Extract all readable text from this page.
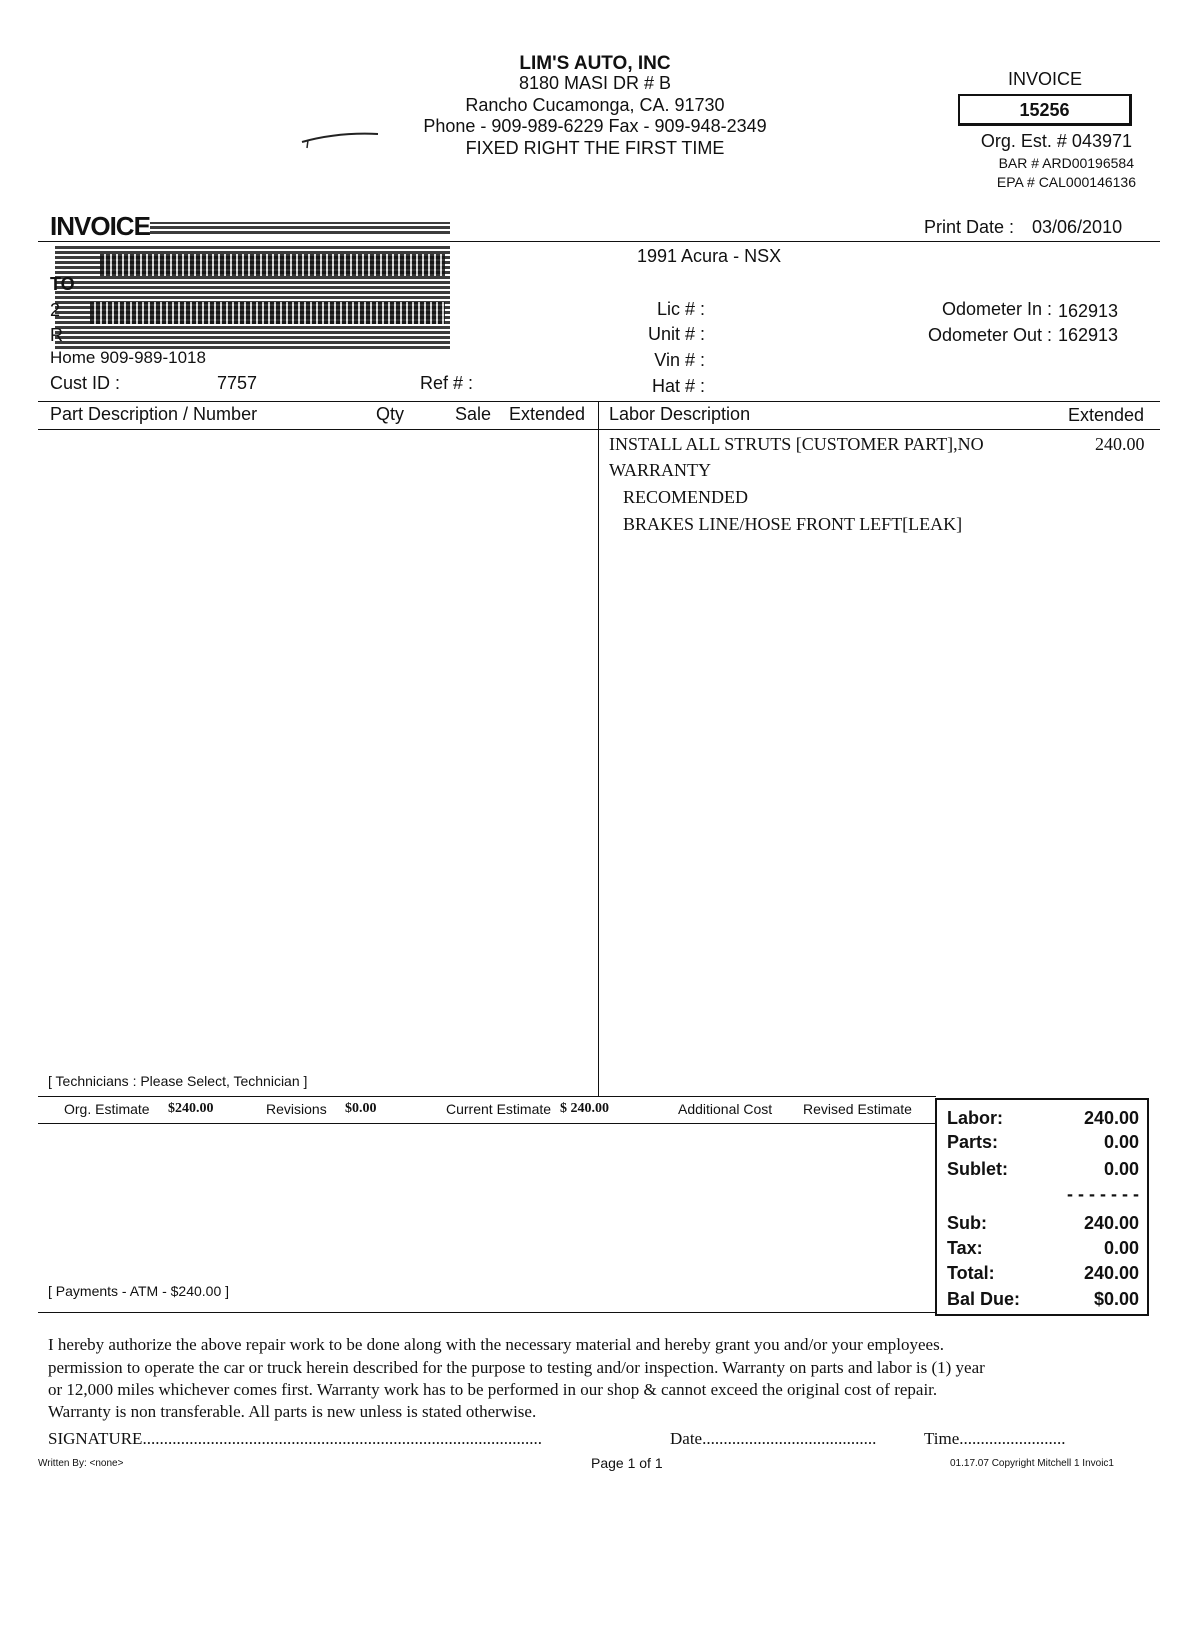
LIM'S AUTO, INC
8180 MASI DR # B
Rancho Cucamonga, CA. 91730
Phone - 909-989-6229 Fax - 909-948-2349
FIXED RIGHT THE FIRST TIME
INVOICE
15256
Org. Est. # 043971
BAR # ARD00196584
EPA # CAL000146136
Print Date : 03/06/2010
INVOICE
TO
2
R
Home 909-989-1018
Cust ID :	7757	Ref # :
1991 Acura - NSX
Lic # :
Unit # :
Vin # :
Hat # :
Odometer In : 162913
Odometer Out : 162913
Part Description / Number	Qty	Sale Extended Labor Description	Extended
INSTALL ALL STRUTS [CUSTOMER PART],NO	240.00
WARRANTY
RECOMENDED
BRAKES LINE/HOSE FRONT LEFT[LEAK]
[ Technicians : Please Select, Technician ]
Org. Estimate $240.00	Revisions $0.00	Current Estimate $ 240.00	Additional Cost Revised Estimate
[ Payments - ATM - $240.00 ]
Labor:	240.00
Parts:	0.00
Sublet:	0.00
- - - - - - -
Sub:	240.00
Tax:	0.00
Total:	240.00
Bal Due:	$0.00
I hereby authorize the above repair work to be done along with the necessary material and hereby grant you and/or your employees.
permission to operate the car or truck herein described for the purpose to testing and/or inspection. Warranty on parts and labor is (1) year
or 12,000 miles whichever comes first. Warranty work has to be performed in our shop & cannot exceed the original cost of repair.
Warranty is non transferable. All parts is new unless is stated otherwise.
SIGNATURE..............................................................................................	Date.........................................	Time.........................
Written By: <none>	Page 1 of 1	01.17.07 Copyright Mitchell 1 Invoic1
